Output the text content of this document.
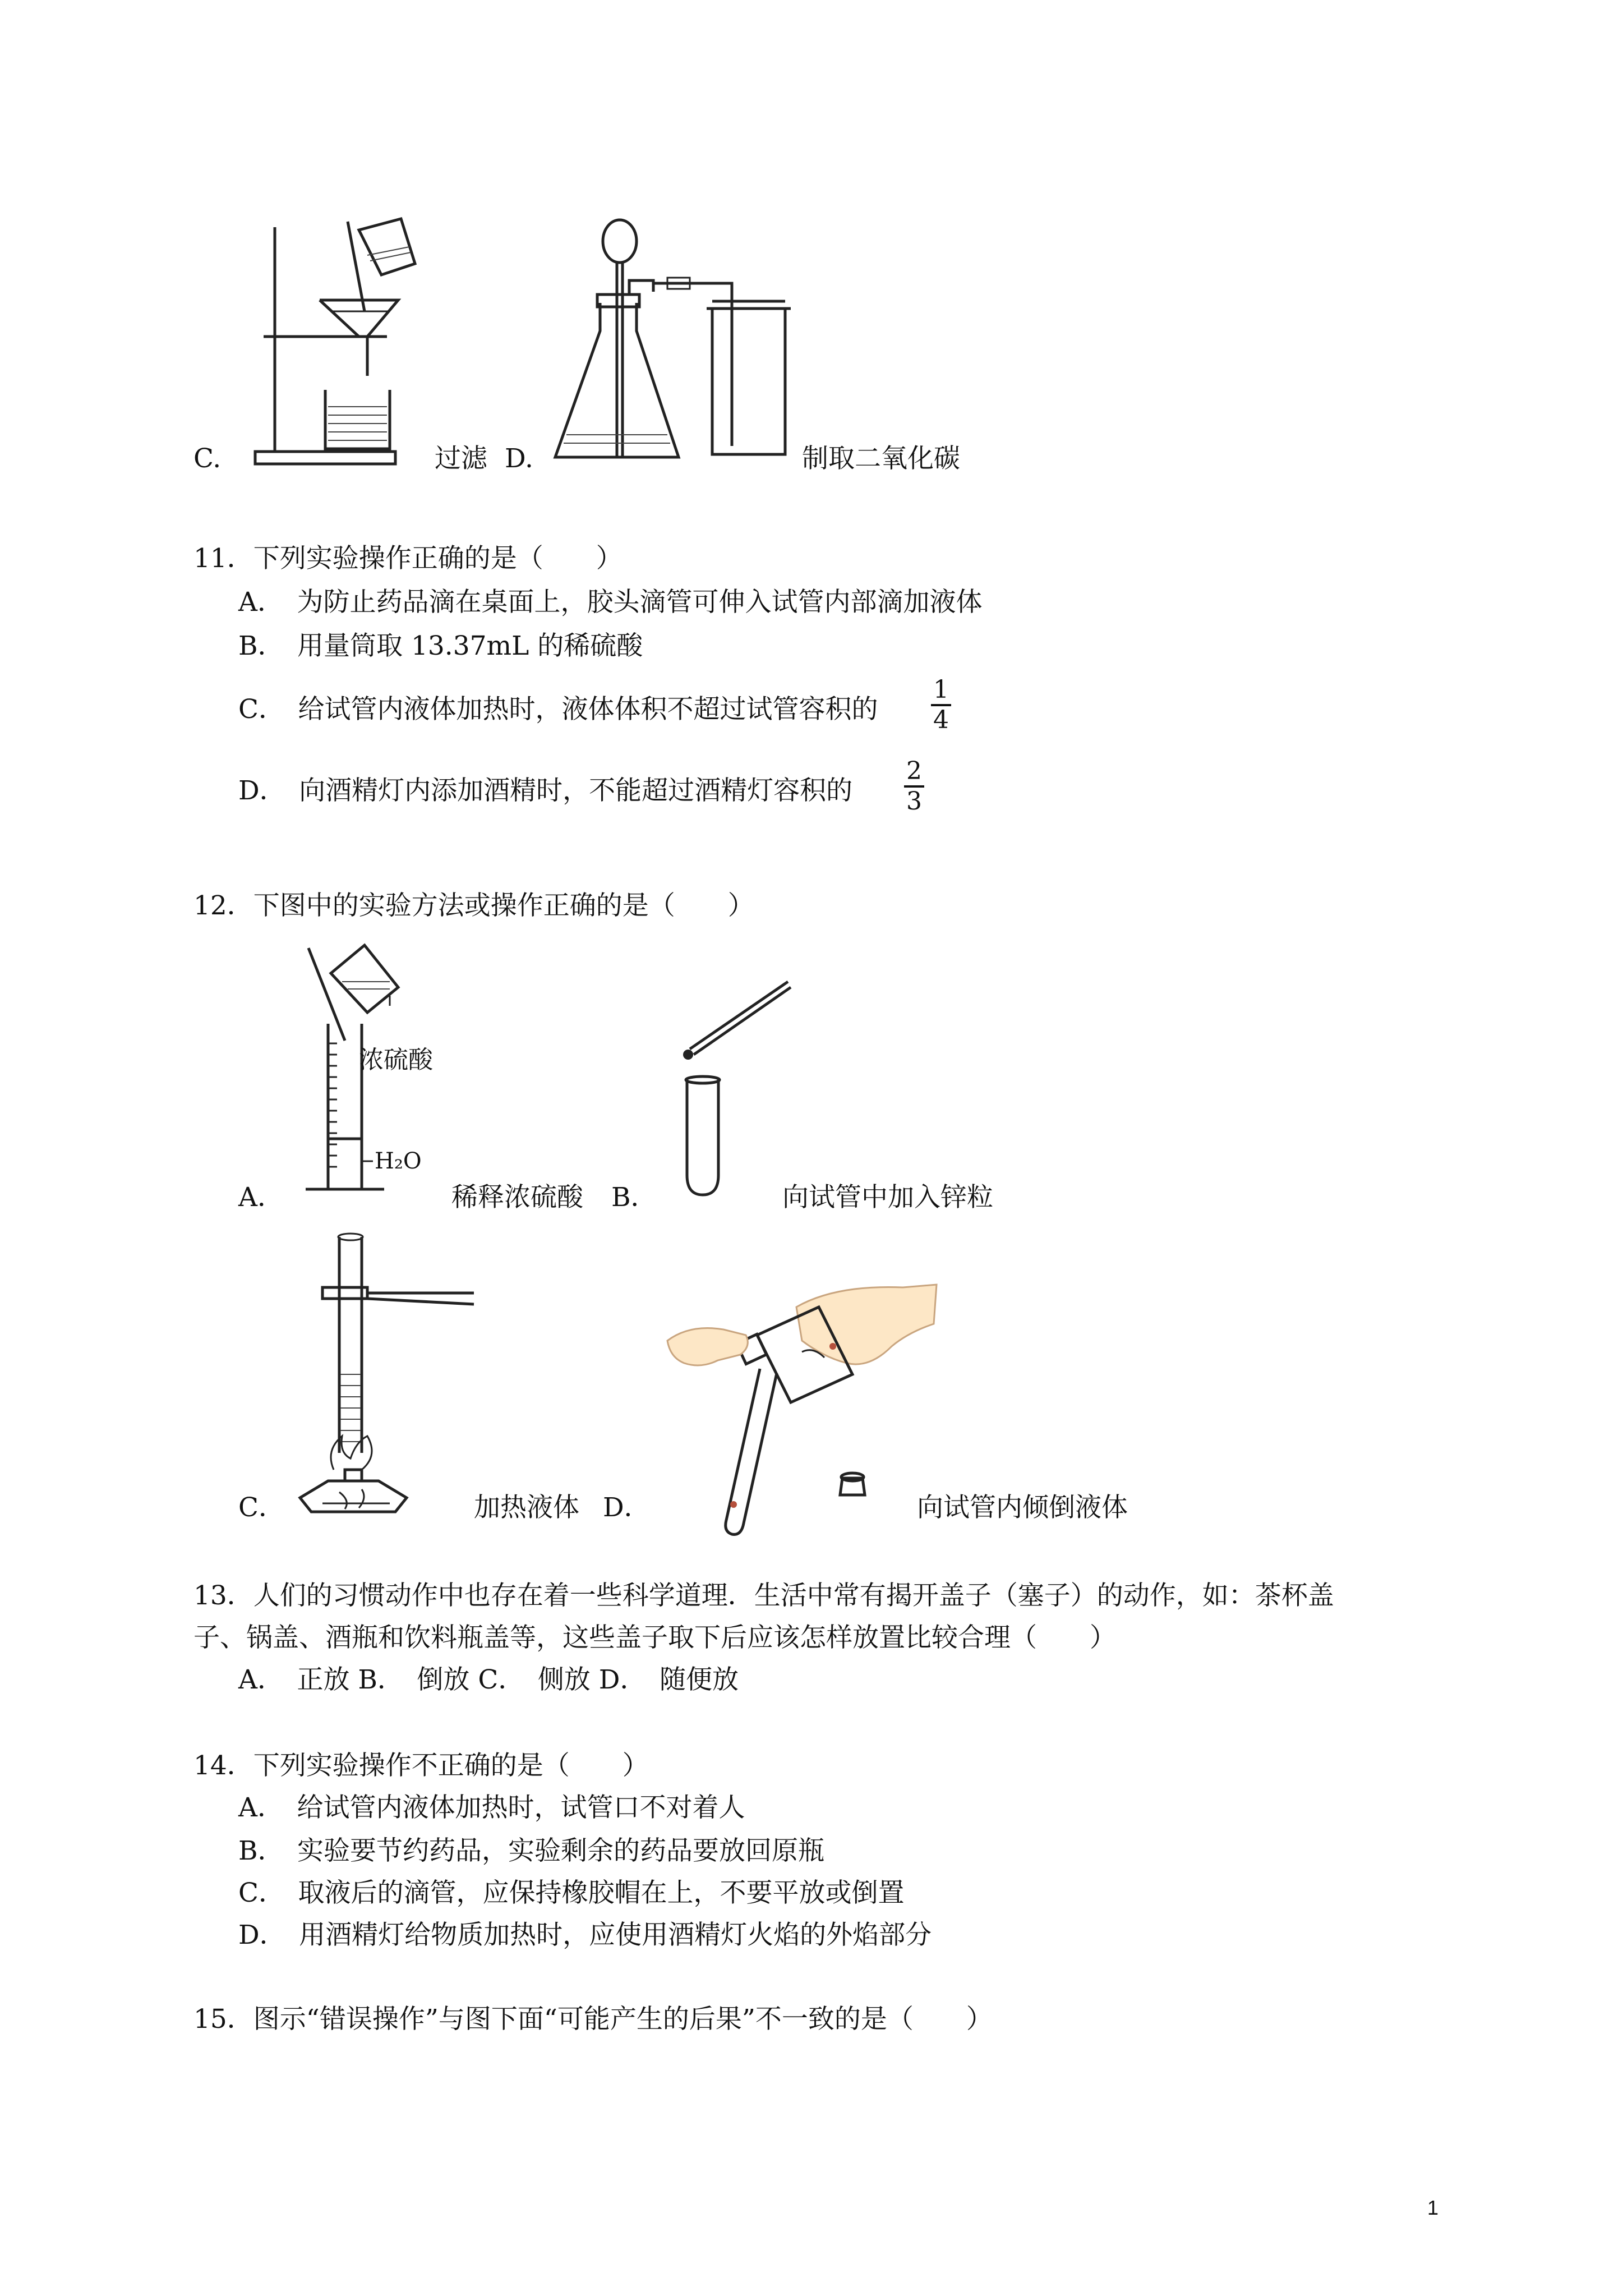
C.	过滤 D.	制取二氧化碳
11．下列实验操作正确的是（　　）
A．　为防止药品滴在桌面上，胶头滴管可伸入试管内部滴加液体
B．　用量筒取 13.37mL 的稀硫酸
C．　给试管内液体加热时，液体体积不超过试管容积的
1
4
D．　向酒精灯内添加酒精时，不能超过酒精灯容积的
2
3
12．下图中的实验方法或操作正确的是（　　）
浓硫酸
H₂O
A．	稀释浓硫酸 B．	向试管中加入锌粒
C．	加热液体 D．	向试管内倾倒液体
13．人们的习惯动作中也存在着一些科学道理．生活中常有揭开盖子（塞子）的动作，如：茶杯盖
子、锅盖、酒瓶和饮料瓶盖等，这些盖子取下后应该怎样放置比较合理（　　）
A．　正放 B．　倒放 C．　侧放 D．　随便放
14．下列实验操作不正确的是（　　）
A．　给试管内液体加热时，试管口不对着人
B．　实验要节约药品，实验剩余的药品要放回原瓶
C．　取液后的滴管，应保持橡胶帽在上，不要平放或倒置
D．　用酒精灯给物质加热时，应使用酒精灯火焰的外焰部分
15．图示“错误操作”与图下面“可能产生的后果”不一致的是（　　）
1
